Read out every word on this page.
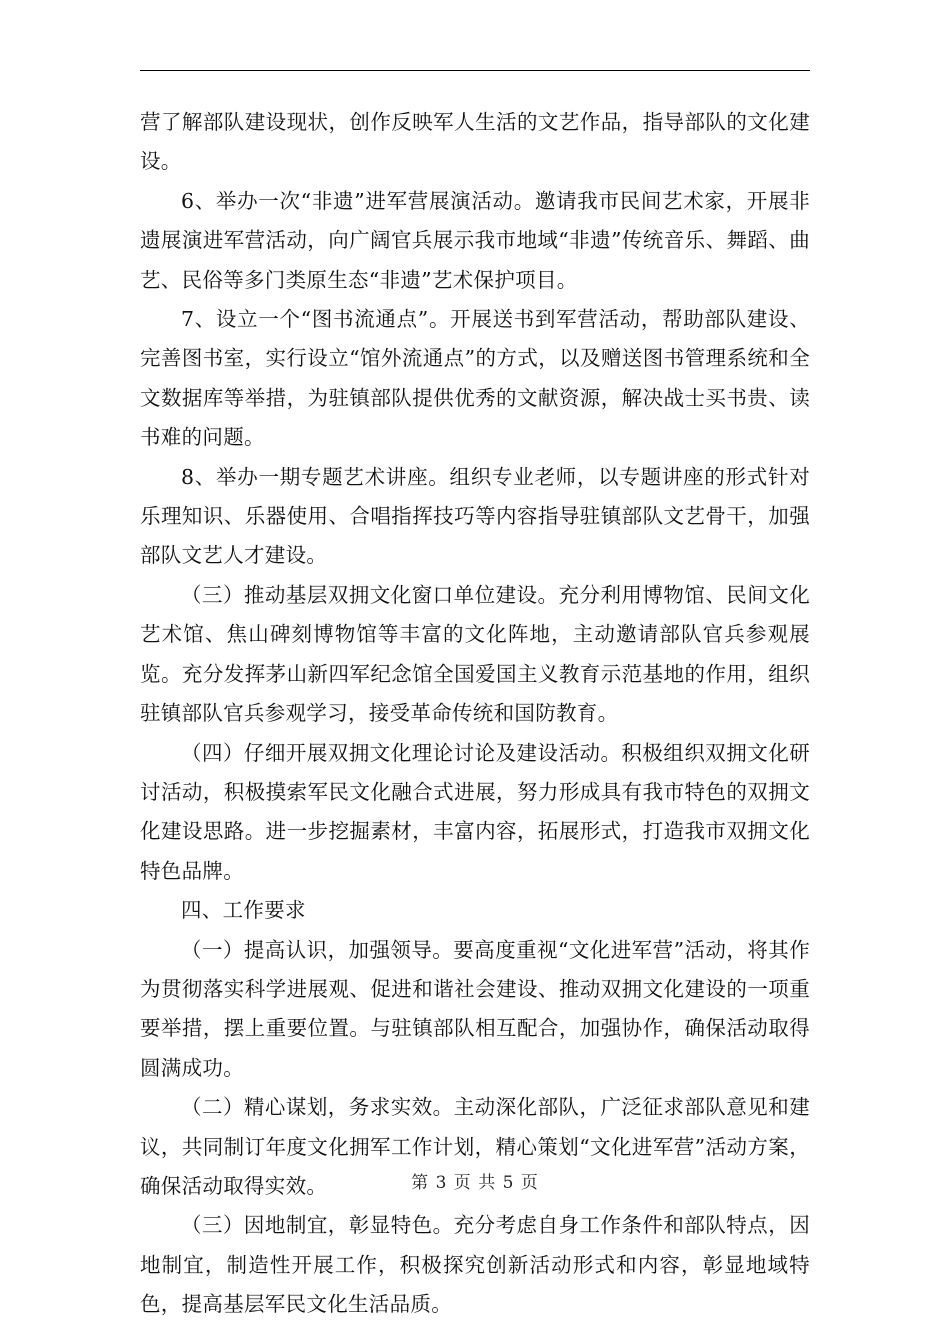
营了解部队建设现状，创作反映军人生活的文艺作品，指导部队的文化建设。

6、举办一次“非遗”进军营展演活动。邀请我市民间艺术家，开展非遗展演进军营活动，向广阔官兵展示我市地域“非遗”传统音乐、舞蹈、曲艺、民俗等多门类原生态“非遗”艺术保护项目。

7、设立一个“图书流通点”。开展送书到军营活动，帮助部队建设、完善图书室，实行设立“馆外流通点”的方式，以及赠送图书管理系统和全文数据库等举措，为驻镇部队提供优秀的文献资源，解决战士买书贵、读书难的问题。

8、举办一期专题艺术讲座。组织专业老师，以专题讲座的形式针对乐理知识、乐器使用、合唱指挥技巧等内容指导驻镇部队文艺骨干，加强部队文艺人才建设。

（三）推动基层双拥文化窗口单位建设。充分利用博物馆、民间文化艺术馆、焦山碑刻博物馆等丰富的文化阵地，主动邀请部队官兵参观展览。充分发挥茅山新四军纪念馆全国爱国主义教育示范基地的作用，组织驻镇部队官兵参观学习，接受革命传统和国防教育。

（四）仔细开展双拥文化理论讨论及建设活动。积极组织双拥文化研讨活动，积极摸索军民文化融合式进展，努力形成具有我市特色的双拥文化建设思路。进一步挖掘素材，丰富内容，拓展形式，打造我市双拥文化特色品牌。

四、工作要求

（一）提高认识，加强领导。要高度重视“文化进军营”活动，将其作为贯彻落实科学进展观、促进和谐社会建设、推动双拥文化建设的一项重要举措，摆上重要位置。与驻镇部队相互配合，加强协作，确保活动取得圆满成功。

（二）精心谋划，务求实效。主动深化部队，广泛征求部队意见和建议，共同制订年度文化拥军工作计划，精心策划“文化进军营”活动方案，确保活动取得实效。

（三）因地制宜，彰显特色。充分考虑自身工作条件和部队特点，因地制宜，制造性开展工作，积极探究创新活动形式和内容，彰显地域特色，提高基层军民文化生活品质。

第 3 页 共 5 页
